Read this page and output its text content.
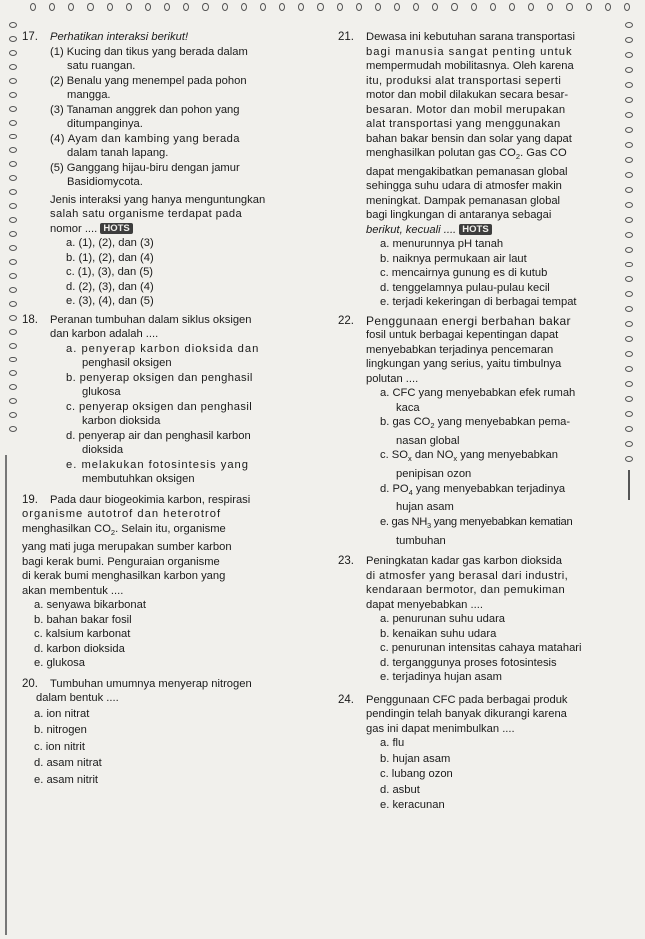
17. Perhatikan interaksi berikut!
(1) Kucing dan tikus yang berada dalam
satu ruangan.
(2) Benalu yang menempel pada pohon
mangga.
(3) Tanaman anggrek dan pohon yang
ditumpanginya.
(4) Ayam dan kambing yang berada
dalam tanah lapang.
(5) Ganggang hijau-biru dengan jamur
Basidiomycota.
Jenis interaksi yang hanya menguntungkan
salah satu organisme terdapat pada
nomor .... HOTS
a. (1), (2), dan (3)
b. (1), (2), dan (4)
c. (1), (3), dan (5)
d. (2), (3), dan (4)
e. (3), (4), dan (5)
18. Peranan tumbuhan dalam siklus oksigen
dan karbon adalah ....
a. penyerap karbon dioksida dan
penghasil oksigen
b. penyerap oksigen dan penghasil
glukosa
c. penyerap oksigen dan penghasil
karbon dioksida
d. penyerap air dan penghasil karbon
dioksida
e. melakukan fotosintesis yang
membutuhkan oksigen
19. Pada daur biogeokimia karbon, respirasi
organisme autotrof dan heterotrof
menghasilkan $CO_2$. Selain itu, organisme
yang mati juga merupakan sumber karbon
bagi kerak bumi. Penguraian organisme
di kerak bumi menghasilkan karbon yang
akan membentuk ....
a. senyawa bikarbonat
b. bahan bakar fosil
c. kalsium karbonat
d. karbon dioksida
e. glukosa
20. Tumbuhan umumnya menyerap nitrogen
dalam bentuk ....
a. ion nitrat
b. nitrogen
c. ion nitrit
d. asam nitrat
e. asam nitrit
21. Dewasa ini kebutuhan sarana transportasi
bagi manusia sangat penting untuk
mempermudah mobilitasnya. Oleh karena
itu, produksi alat transportasi seperti
motor dan mobil dilakukan secara besar-
besaran. Motor dan mobil merupakan
alat transportasi yang menggunakan
bahan bakar bensin dan solar yang dapat
menghasilkan polutan gas $CO_2$. Gas CO
dapat mengakibatkan pemanasan global
sehingga suhu udara di atmosfer makin
meningkat. Dampak pemanasan global
bagi lingkungan di antaranya sebagai
berikut, kecuali .... HOTS
a. menurunnya pH tanah
b. naiknya permukaan air laut
c. mencairnya gunung es di kutub
d. tenggelamnya pulau-pulau kecil
e. terjadi kekeringan di berbagai tempat
22. Penggunaan energi berbahan bakar
fosil untuk berbagai kepentingan dapat
menyebabkan terjadinya pencemaran
lingkungan yang serius, yaitu timbulnya
polutan ....
a. CFC yang menyebabkan efek rumah
kaca
b. gas $CO_2$ yang menyebabkan pema-
nasan global
c. $SO_x$ dan $NO_x$ yang menyebabkan
penipisan ozon
d. $PO_4$ yang menyebabkan terjadinya
hujan asam
e. gas $NH_3$ yang menyebabkan kematian
tumbuhan
23. Peningkatan kadar gas karbon dioksida
di atmosfer yang berasal dari industri,
kendaraan bermotor, dan pemukiman
dapat menyebabkan ....
a. penurunan suhu udara
b. kenaikan suhu udara
c. penurunan intensitas cahaya matahari
d. terganggunya proses fotosintesis
e. terjadinya hujan asam
24. Penggunaan CFC pada berbagai produk
pendingin telah banyak dikurangi karena
gas ini dapat menimbulkan ....
a. flu
b. hujan asam
c. lubang ozon
d. asbut
e. keracunan
